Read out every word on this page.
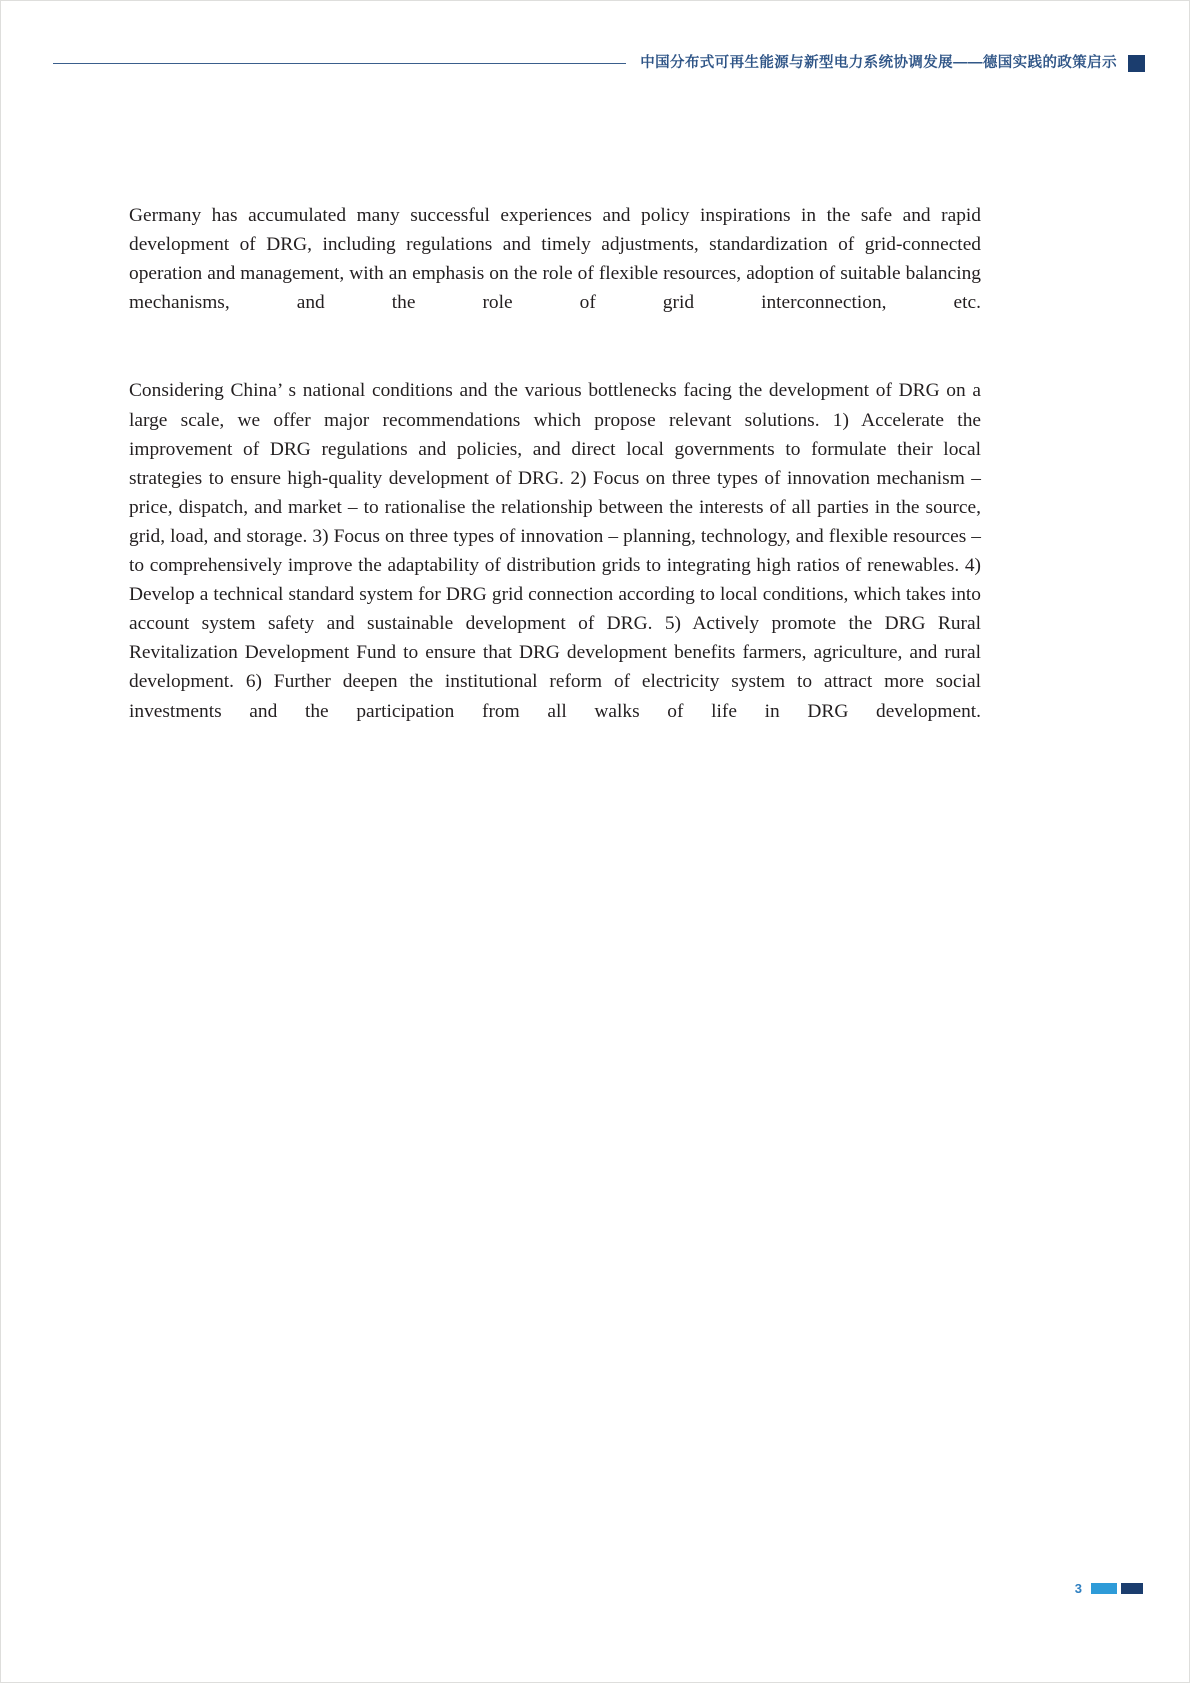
中国分布式可再生能源与新型电力系统协调发展——德国实践的政策启示

Germany has accumulated many successful experiences and policy inspirations in the safe and rapid development of DRG, including regulations and timely adjustments, standardization of grid-connected operation and management, with an emphasis on the role of flexible resources, adoption of suitable balancing mechanisms, and the role of grid interconnection, etc.

Considering China’ s national conditions and the various bottlenecks facing the development of DRG on a large scale, we offer major recommendations which propose relevant solutions. 1) Accelerate the improvement of DRG regulations and policies, and direct local governments to formulate their local strategies to ensure high-quality development of DRG. 2) Focus on three types of innovation mechanism – price, dispatch, and market – to rationalise the relationship between the interests of all parties in the source, grid, load, and storage. 3) Focus on three types of innovation – planning, technology, and flexible resources – to comprehensively improve the adaptability of distribution grids to integrating high ratios of renewables. 4) Develop a technical standard system for DRG grid connection according to local conditions, which takes into account system safety and sustainable development of DRG. 5) Actively promote the DRG Rural Revitalization Development Fund to ensure that DRG development benefits farmers, agriculture, and rural development. 6) Further deepen the institutional reform of electricity system to attract more social investments and the participation from all walks of life in DRG development.

3
